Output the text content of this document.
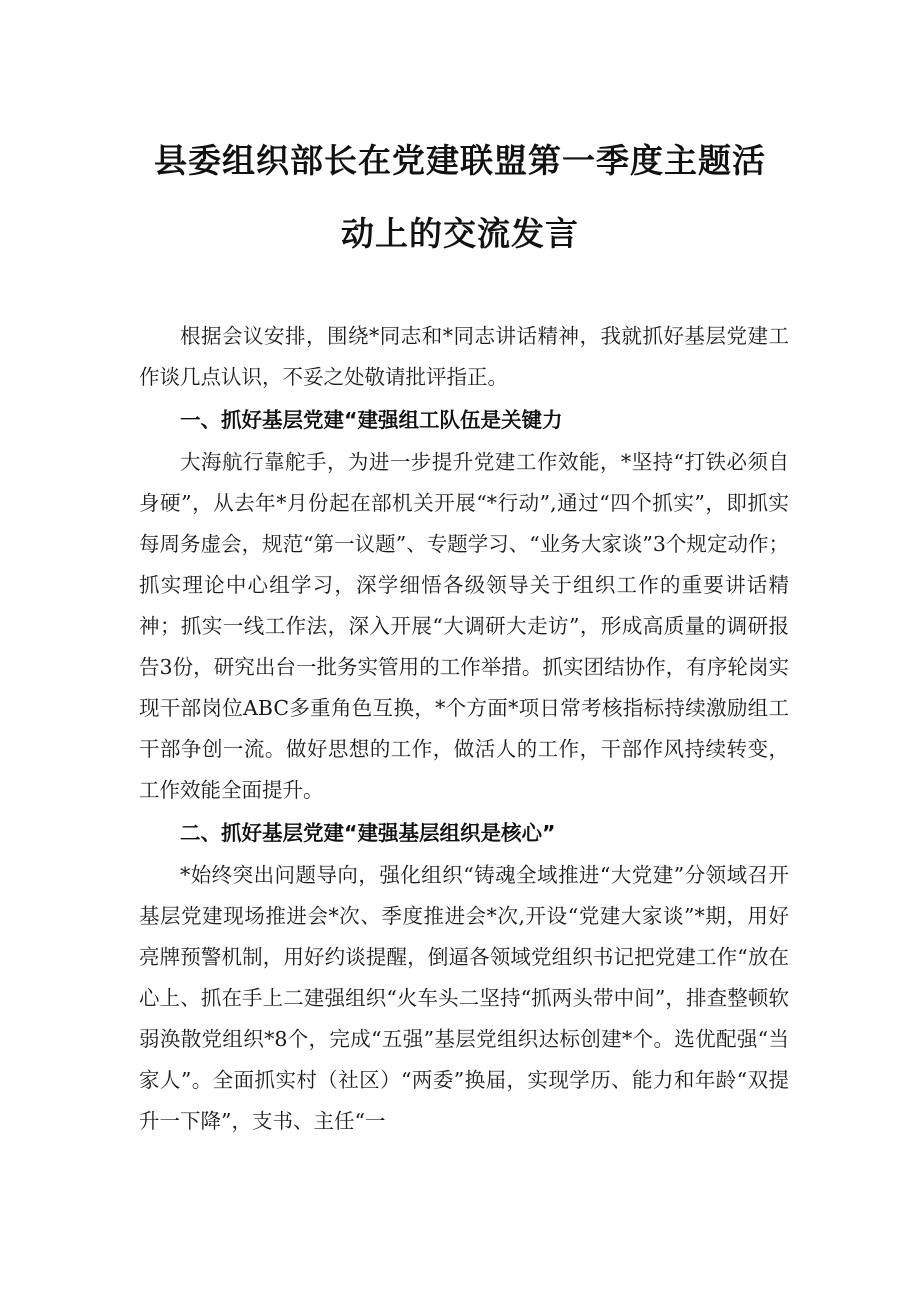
县委组织部长在党建联盟第一季度主题活
动上的交流发言

根据会议安排，围绕*同志和*同志讲话精神，我就抓好基层党建工作谈几点认识，不妥之处敬请批评指正。

一、抓好基层党建“建强组工队伍是关键力

大海航行靠舵手，为进一步提升党建工作效能，*坚持“打铁必须自身硬”，从去年*月份起在部机关开展“*行动”,通过“四个抓实”，即抓实每周务虚会，规范“第一议题”、专题学习、“业务大家谈”3个规定动作；抓实理论中心组学习，深学细悟各级领导关于组织工作的重要讲话精神；抓实一线工作法，深入开展“大调研大走访”，形成高质量的调研报告3份，研究出台一批务实管用的工作举措。抓实团结协作，有序轮岗实现干部岗位ABC多重角色互换，*个方面*项日常考核指标持续激励组工干部争创一流。做好思想的工作，做活人的工作，干部作风持续转变，工作效能全面提升。

二、抓好基层党建“建强基层组织是核心”

*始终突出问题导向，强化组织“铸魂全域推进“大党建”分领域召开基层党建现场推进会*次、季度推进会*次,开设“党建大家谈”*期，用好亮牌预警机制，用好约谈提醒，倒逼各领域党组织书记把党建工作“放在心上、抓在手上二建强组织“火车头二坚持“抓两头带中间”，排查整顿软弱涣散党组织*8个，完成“五强”基层党组织达标创建*个。选优配强“当家人”。全面抓实村（社区）“两委”换届，实现学历、能力和年龄“双提升一下降”，支书、主任“一
